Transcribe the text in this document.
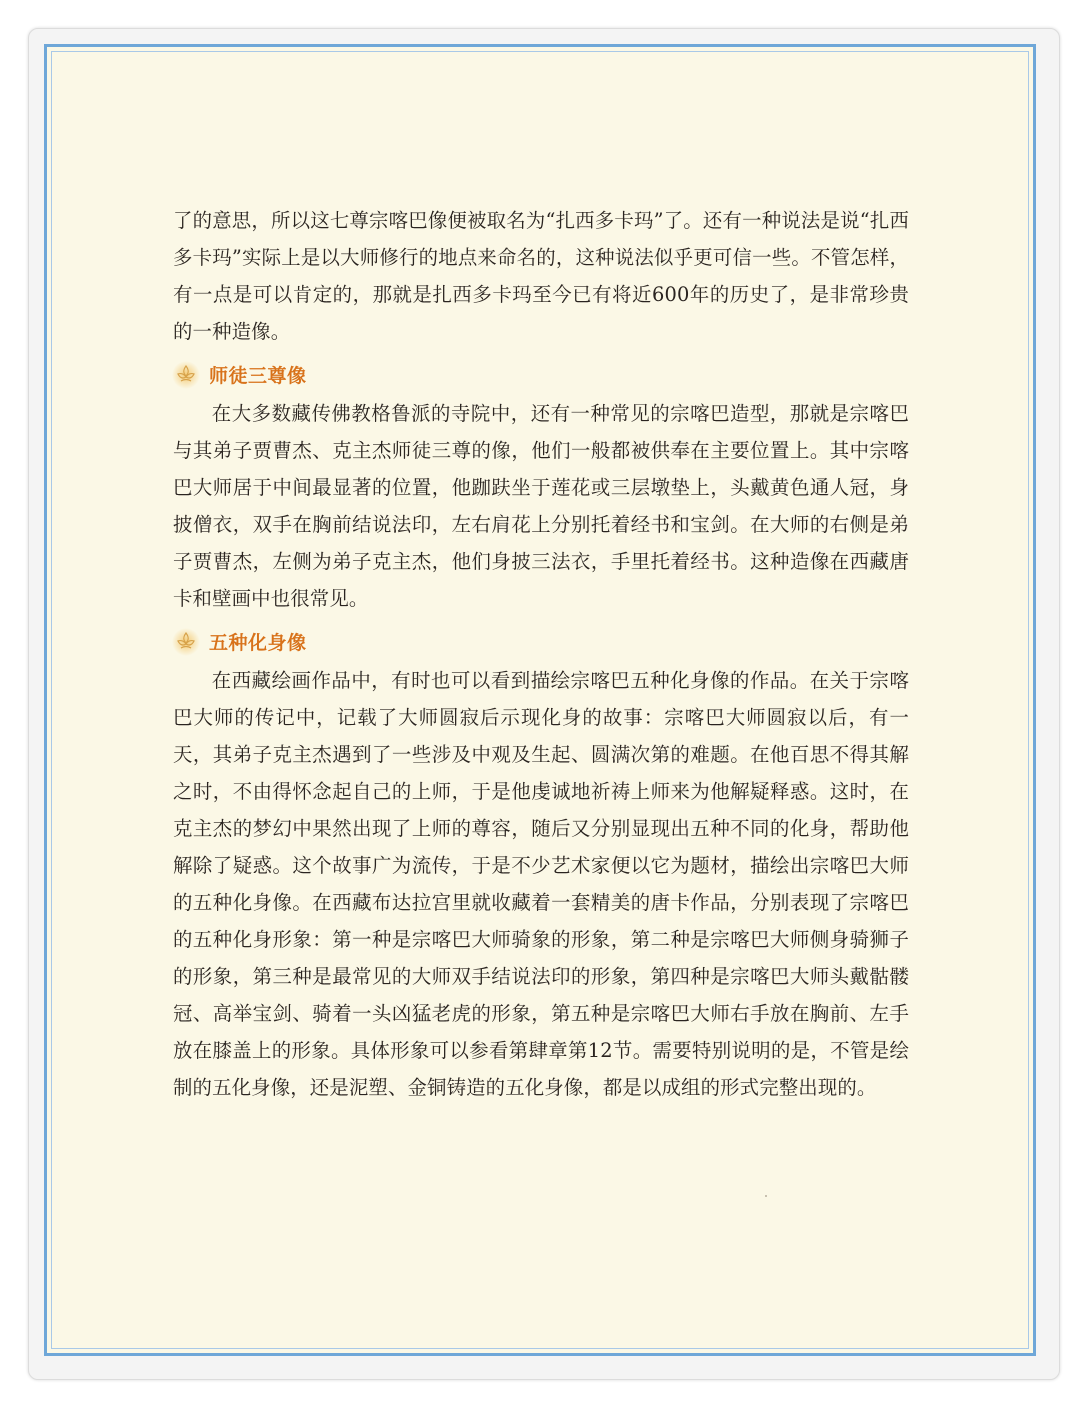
了的意思，所以这七尊宗喀巴像便被取名为“扎西多卡玛”了。还有一种说法是说“扎西多卡玛”实际上是以大师修行的地点来命名的，这种说法似乎更可信一些。不管怎样，有一点是可以肯定的，那就是扎西多卡玛至今已有将近600年的历史了，是非常珍贵的一种造像。

师徒三尊像

在大多数藏传佛教格鲁派的寺院中，还有一种常见的宗喀巴造型，那就是宗喀巴与其弟子贾曹杰、克主杰师徒三尊的像，他们一般都被供奉在主要位置上。其中宗喀巴大师居于中间最显著的位置，他跏趺坐于莲花或三层墩垫上，头戴黄色通人冠，身披僧衣，双手在胸前结说法印，左右肩花上分别托着经书和宝剑。在大师的右侧是弟子贾曹杰，左侧为弟子克主杰，他们身披三法衣，手里托着经书。这种造像在西藏唐卡和壁画中也很常见。

五种化身像

在西藏绘画作品中，有时也可以看到描绘宗喀巴五种化身像的作品。在关于宗喀巴大师的传记中，记载了大师圆寂后示现化身的故事：宗喀巴大师圆寂以后，有一天，其弟子克主杰遇到了一些涉及中观及生起、圆满次第的难题。在他百思不得其解之时，不由得怀念起自己的上师，于是他虔诚地祈祷上师来为他解疑释惑。这时，在克主杰的梦幻中果然出现了上师的尊容，随后又分别显现出五种不同的化身，帮助他解除了疑惑。这个故事广为流传，于是不少艺术家便以它为题材，描绘出宗喀巴大师的五种化身像。在西藏布达拉宫里就收藏着一套精美的唐卡作品，分别表现了宗喀巴的五种化身形象：第一种是宗喀巴大师骑象的形象，第二种是宗喀巴大师侧身骑狮子的形象，第三种是最常见的大师双手结说法印的形象，第四种是宗喀巴大师头戴骷髅冠、高举宝剑、骑着一头凶猛老虎的形象，第五种是宗喀巴大师右手放在胸前、左手放在膝盖上的形象。具体形象可以参看第肆章第12节。需要特别说明的是，不管是绘制的五化身像，还是泥塑、金铜铸造的五化身像，都是以成组的形式完整出现的。
